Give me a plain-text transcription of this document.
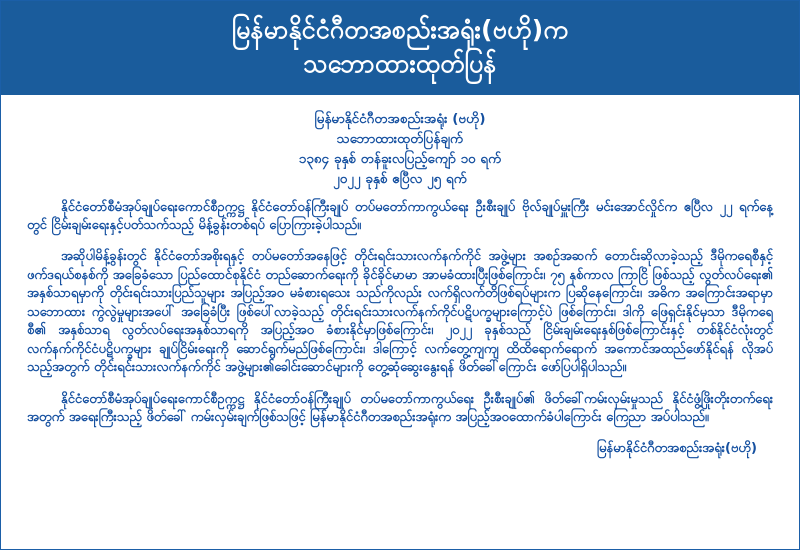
မြန်မာနိုင်ငံဂီတအစည်းအရုံး(ဗဟို)က
သဘောထားထုတ်ပြန်
မြန်မာနိုင်ငံဂီတအစည်းအရုံး (ဗဟို)
သဘောထားထုတ်ပြန်ချက်
၁၃၈၄ ခုနှစ် တန်ခူးလပြည့်ကျော် ၁၀ ရက်
၂၀၂၂ ခုနှစ် ဧပြီလ ၂၅ ရက်

နိုင်ငံတော်စီမံအုပ်ချုပ်ရေးကောင်စီဥက္ကဋ္ဌ နိုင်ငံတော်ဝန်ကြီးချုပ် တပ်မတော်ကာကွယ်ရေး ဦးစီးချုပ် ဗိုလ်ချုပ်မှူးကြီး မင်းအောင်လှိုင်က ဧပြီလ ၂၂ ရက်နေ့တွင် ငြိမ်းချမ်းရေးနှင့်ပတ်သက်သည့် မိန့်ခွန်းတစ်ရပ် ပြောကြားခဲ့ပါသည်။

အဆိုပါမိန့်ခွန်းတွင် နိုင်ငံတော်အစိုးရနှင့် တပ်မတော်အနေဖြင့် တိုင်းရင်းသားလက်နက်ကိုင် အဖွဲ့များ အစဉ်အဆက် တောင်းဆိုလာခဲ့သည့် ဒီမိုကရေစီနှင့် ဖက်ဒရယ်စနစ်ကို အခြေခံသော ပြည်ထောင်စုနိုင်ငံ တည်ဆောက်ရေးကို ခိုင်ခိုင်မာမာ အာမခံထားပြီးဖြစ်ကြောင်း၊ ၇၅ နှစ်ကာလ ကြာငြိ ဖြစ်သည့် လွတ်လပ်ရေး၏ အနှစ်သာရမှာကို တိုင်းရင်းသားပြည်သူများ အပြည့်အဝ မခံစားရသေး သည်ကိုလည်း လက်ရှိလက်တိဖြစ်ရပ်များက ပြဆိုနေကြောင်း၊ အဓိက အကြောင်းအရာမှာ သဘောထား ကွဲလွဲမှုများအပေါ် အခြေခံပြီး ဖြစ်ပေါ်လာခဲ့သည့် တိုင်းရင်းသားလက်နက်ကိုင်ပဋိပက္ခများကြောင့်ပဲ ဖြစ်ကြောင်း၊ ဒါကို ဖြေရှင်းနိုင်မှသာ ဒီမိုကရေစီ၏ အနှစ်သာရ လွတ်လပ်ရေးအနှစ်သာရကို အပြည့်အဝ ခံစားနိုင်မှာဖြစ်ကြောင်း၊ ၂၀၂၂ ခုနှစ်သည် ငြိမ်းချမ်းရေးနှစ်ဖြစ်ကြောင်းနှင့် တစ်နိုင်ငံလုံးတွင် လက်နက်ကိုင်ငံပဋိပက္ခများ ချုပ်ငြိမ်းရေးကို ဆောင်ရွက်မည်ဖြစ်ကြောင်း၊ ဒါကြောင့် လက်တွေ့ကျကျ ထိထိရောက်ရောက် အကောင်အထည်ဖော်နိုင်ရန် လိုအပ်သည့်အတွက် တိုင်းရင်းသားလက်နက်ကိုင် အဖွဲ့များ၏ခေါင်းဆောင်များကို တွေ့ဆုံဆွေးနွေးရန် ဖိတ်ခေါ်ကြောင်း ဖော်ပြပါရှိပါသည်။

နိုင်ငံတော်စီမံအုပ်ချုပ်ရေးကောင်စီဥက္ကဋ္ဌ နိုင်ငံတော်ဝန်ကြီးချုပ် တပ်မတော်ကာကွယ်ရေး ဦးစီးချုပ်၏ ဖိတ်ခေါ်ကမ်းလှမ်းမှုသည် နိုင်ငံဖွံ့ဖြိုးတိုးတက်ရေးအတွက် အရေးကြီးသည့် ဖိတ်ခေါ် ကမ်းလှမ်းချက်ဖြစ်သဖြင့် မြန်မာနိုင်ငံဂီတအစည်းအရုံးက အပြည့်အဝထောက်ခံပါကြောင်း ကြေညာ အပ်ပါသည်။

မြန်မာနိုင်ငံဂီတအစည်းအရုံး(ဗဟို)
